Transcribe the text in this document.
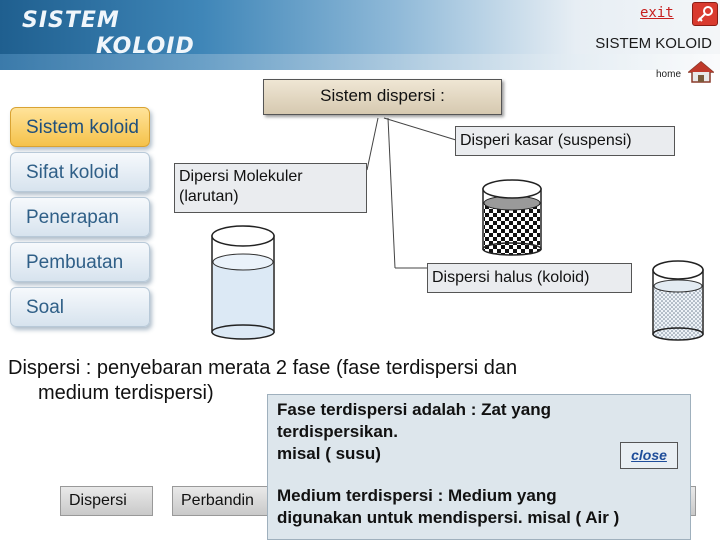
SISTEM
KOLOID
exit
SISTEM KOLOID
home
Sistem koloid
Sifat koloid
Penerapan
Pembuatan
Soal
Sistem dispersi :
Disperi kasar (suspensi)
Dipersi Molekuler
(larutan)
Dispersi halus (koloid)
Dispersi : penyebaran merata 2 fase (fase terdispersi dan
medium terdispersi)
Dispersi	Perbandin
Fase terdispersi adalah : Zat yang terdispersikan.
misal ( susu)	close
Medium terdispersi : Medium yang
digunakan untuk mendispersi. misal ( Air )
